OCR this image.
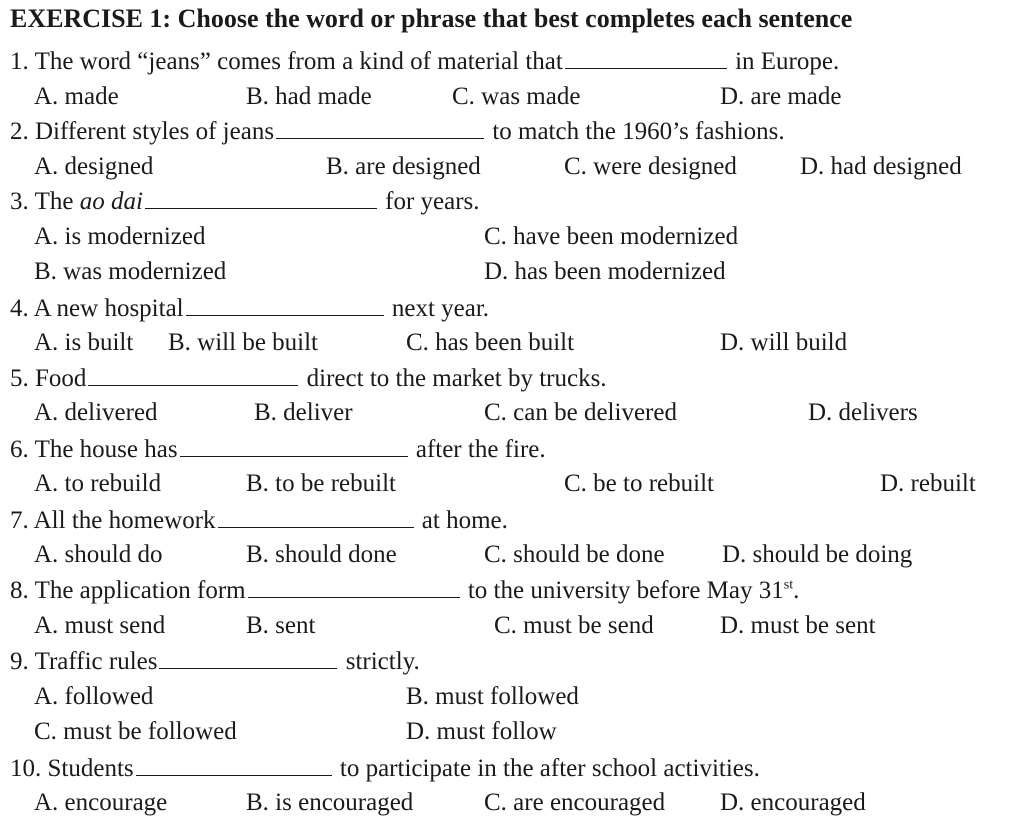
EXERCISE 1: Choose the word or phrase that best completes each sentence
1. The word “jeans” comes from a kind of material that	in Europe.
A. made	B. had made	C. was made	D. are made
2. Different styles of jeans	to match the 1960’s fashions.
A. designed	B. are designed	C. were designed	D. had designed
3. The ao dai	for years.
A. is modernized	C. have been modernized
B. was modernized	D. has been modernized
4. A new hospital	next year.
A. is built B. will be built	C. has been built	D. will build
5. Food	direct to the market by trucks.
A. delivered	B. deliver	C. can be delivered	D. delivers
6. The house has	after the fire.
A. to rebuild	B. to be rebuilt	C. be to rebuilt	D. rebuilt
7. All the homework	at home.
A. should do	B. should done	C. should be done D. should be doing
8. The application form	to the university before May 31st.
A. must send	B. sent	C. must be send	D. must be sent
9. Traffic rules	strictly.
A. followed	B. must followed
C. must be followed	D. must follow
10. Students	to participate in the after school activities.
A. encourage	B. is encouraged	C. are encouraged D. encouraged
